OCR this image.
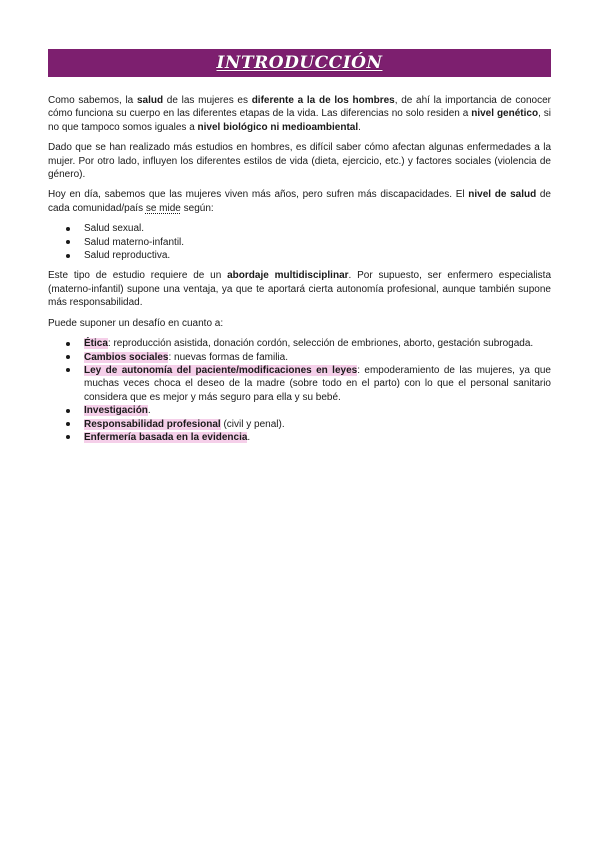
INTRODUCCIÓN

Como sabemos, la salud de las mujeres es diferente a la de los hombres, de ahí la importancia de conocer cómo funciona su cuerpo en las diferentes etapas de la vida. Las diferencias no solo residen a nivel genético, si no que tampoco somos iguales a nivel biológico ni medioambiental.

Dado que se han realizado más estudios en hombres, es difícil saber cómo afectan algunas enfermedades a la mujer. Por otro lado, influyen los diferentes estilos de vida (dieta, ejercicio, etc.) y factores sociales (violencia de género).

Hoy en día, sabemos que las mujeres viven más años, pero sufren más discapacidades. El nivel de salud de cada comunidad/país se mide según:

Salud sexual.
Salud materno-infantil.
Salud reproductiva.

Este tipo de estudio requiere de un abordaje multidisciplinar. Por supuesto, ser enfermero especialista (materno-infantil) supone una ventaja, ya que te aportará cierta autonomía profesional, aunque también supone más responsabilidad.

Puede suponer un desafío en cuanto a:

Ética: reproducción asistida, donación cordón, selección de embriones, aborto, gestación subrogada.
Cambios sociales: nuevas formas de familia.
Ley de autonomía del paciente/modificaciones en leyes: empoderamiento de las mujeres, ya que muchas veces choca el deseo de la madre (sobre todo en el parto) con lo que el personal sanitario considera que es mejor y más seguro para ella y su bebé.
Investigación.
Responsabilidad profesional (civil y penal).
Enfermería basada en la evidencia.
